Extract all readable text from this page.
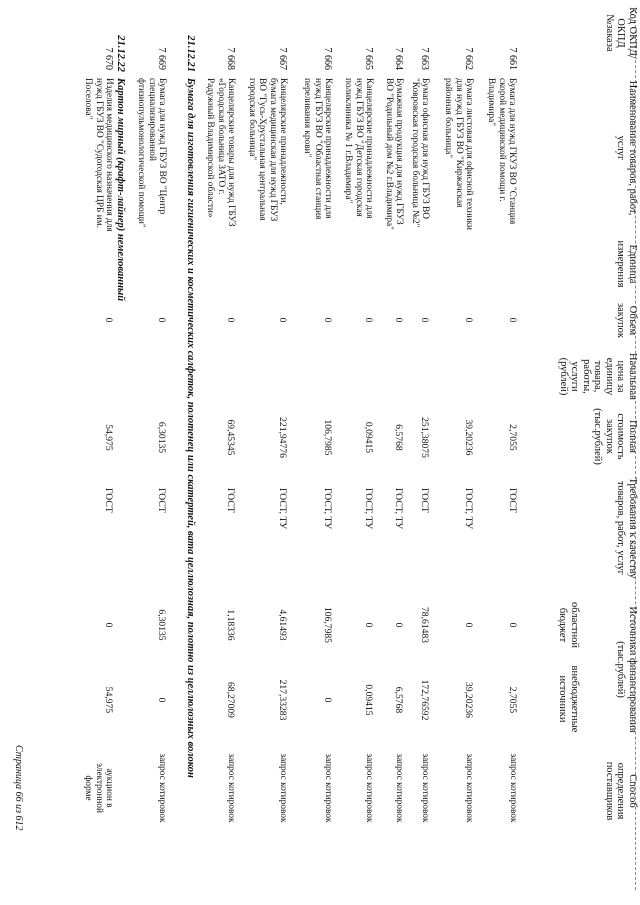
Код ОКПД/ ОКПД №заказа
Наименование товаров, работ, услуг
Единица измерения
Объем закупок
Начальная цена за единицу товара, работы, услуги (рублей)
Полная стоимость закупок (тыс.рублей)
Требования к качеству товаров, работ, услуг
Источники финансирования (тыс.рублей)
областной бюджет
внебюджетные источники
Способ определения поставщиков
7 661
Бумага для нужд ГКУЗ ВО "Станция скорой медицинской помощи г. Владимира"
0
2,7055
ГОСТ
0
2,7055
запрос котировок
7 662
Бумага листовая для офисной техники для нужд ГБУЗ ВО "Киржачская районная больница"
0
39,20236
ГОСТ, ТУ
0
39,20236
запрос котировок
7 663
Бумага офисная для нужд ГБУЗ ВО "Ковровская городская больница №2"
0
251,38075
ГОСТ
78,61483
172,76592
запрос котировок
7 664
Бумажная продукция для нужд ГБУЗ ВО "Родильный дом №2 г.Владимира"
0
6,5768
ГОСТ, ТУ
0
6,5768
запрос котировок
7 665
Канцелярские принадлежности для нужд ГБУЗ ВО "Детская городская поликлиника № 1 г.Владимира"
0
0,09415
ГОСТ, ТУ
0
0,09415
запрос котировок
7 666
Канцелярские принадлежности для нужд ГБУЗ ВО "Областная станция переливания крови"
0
106,7985
ГОСТ, ТУ
106,7985
0
запрос котировок
7 667
Канцелярские принадлежности, бумага медицинская для нужд ГБУЗ ВО "Гусь-Хрустальная центральная городская больница"
0
221,94776
ГОСТ, ТУ
4,61493
217,33283
запрос котировок
7 668
Канцелярские товары для нужд ГБУЗ «Городская больница ЗАТО г. Радужный Владимирской области»
0
69,45345
ГОСТ
1,18336
68,27009
запрос котировок
21.12.21
Бумага для изготовления гигиенических и косметических салфеток, полотенец или скатертей, вата целлюлозная, полотно из целлюлозных волокон
7 669
Бумага для нужд ГБУЗ ВО "Центр специализированной фтизиопульмонологической помощи"
0
6,30135
ГОСТ
6,30135
0
запрос котировок
21.12.22
Картон мирный (крафт-лайнер) немелованный
7 670
Изделия медицинского назначения для нужд ГБУЗ ВО "Судогодская ЦРБ им. Поселова"
0
54,975
ГОСТ
0
54,975
аукцион в электронной форме
Страница 66 из 612
